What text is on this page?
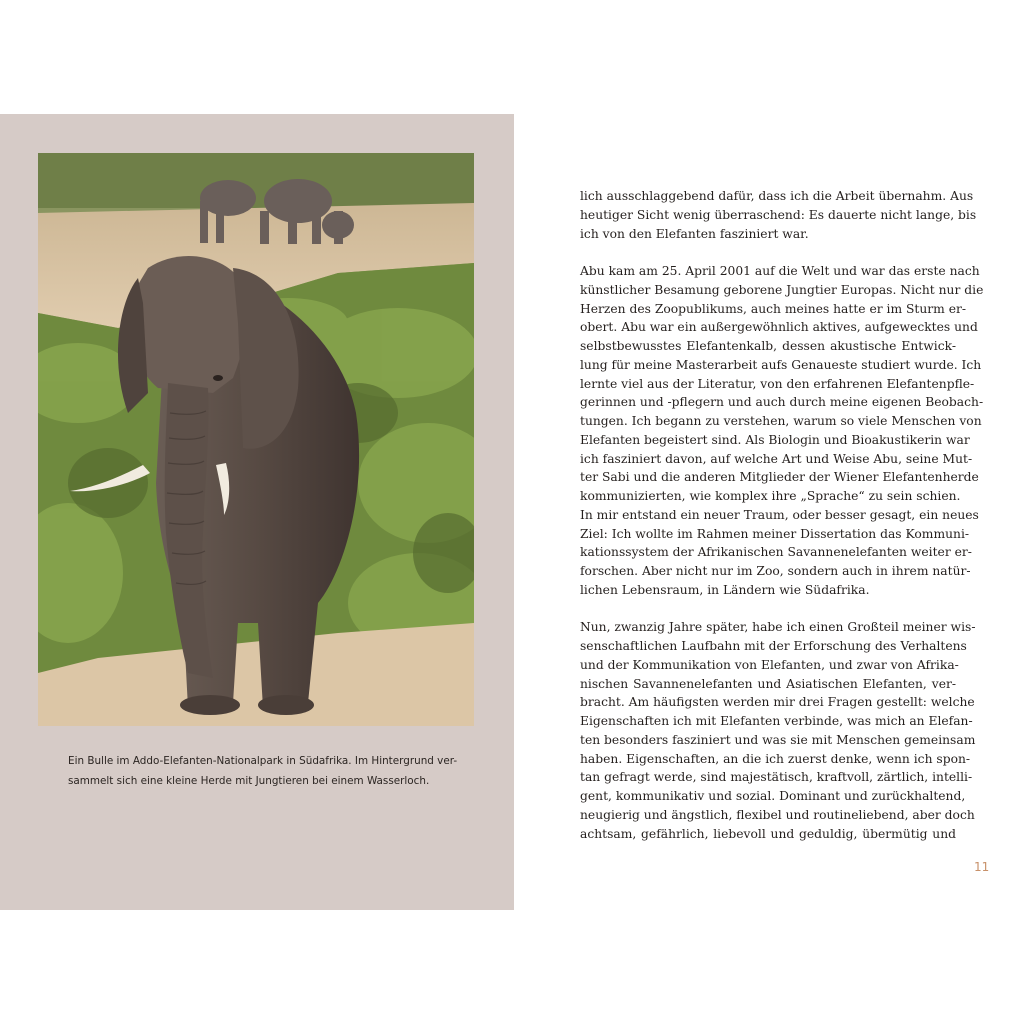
Ein Bulle im Addo-Elefanten-Nationalpark in Südafrika. Im Hintergrund ver-
sammelt sich eine kleine Herde mit Jungtieren bei einem Wasserloch.

lich ausschlaggebend dafür, dass ich die Arbeit übernahm. Aus
heutiger Sicht wenig überraschend: Es dauerte nicht lange, bis
ich von den Elefanten fasziniert war.

Abu kam am 25. April 2001 auf die Welt und war das erste nach
künstlicher Besamung geborene Jungtier Europas. Nicht nur die
Herzen des Zoopublikums, auch meines hatte er im Sturm er-
obert. Abu war ein außergewöhnlich aktives, aufgewecktes und
selbstbewusstes Elefantenkalb, dessen akustische Entwick-
lung für meine Masterarbeit aufs Genaueste studiert wurde. Ich
lernte viel aus der Literatur, von den erfahrenen Elefantenpfle-
gerinnen und -pflegern und auch durch meine eigenen Beobach-
tungen. Ich begann zu verstehen, warum so viele Menschen von
Elefanten begeistert sind. Als Biologin und Bioakustikerin war
ich fasziniert davon, auf welche Art und Weise Abu, seine Mut-
ter Sabi und die anderen Mitglieder der Wiener Elefantenherde
kommunizierten, wie komplex ihre „Sprache“ zu sein schien.
In mir entstand ein neuer Traum, oder besser gesagt, ein neues
Ziel: Ich wollte im Rahmen meiner Dissertation das Kommuni-
kationssystem der Afrikanischen Savannenelefanten weiter er-
forschen. Aber nicht nur im Zoo, sondern auch in ihrem natür-
lichen Lebensraum, in Ländern wie Südafrika.

Nun, zwanzig Jahre später, habe ich einen Großteil meiner wis-
senschaftlichen Laufbahn mit der Erforschung des Verhaltens
und der Kommunikation von Elefanten, und zwar von Afrika-
nischen Savannenelefanten und Asiatischen Elefanten, ver-
bracht. Am häufigsten werden mir drei Fragen gestellt: welche
Eigenschaften ich mit Elefanten verbinde, was mich an Elefan-
ten besonders fasziniert und was sie mit Menschen gemeinsam
haben. Eigenschaften, an die ich zuerst denke, wenn ich spon-
tan gefragt werde, sind majestätisch, kraftvoll, zärtlich, intelli-
gent, kommunikativ und sozial. Dominant und zurückhaltend,
neugierig und ängstlich, flexibel und routineliebend, aber doch
achtsam, gefährlich, liebevoll und geduldig, übermütig und

11
